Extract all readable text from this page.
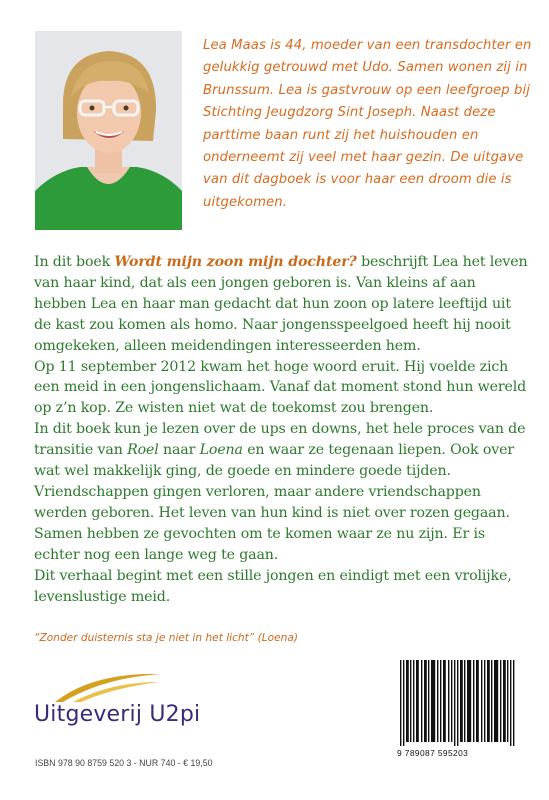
Lea Maas is 44, moeder van een transdochter en gelukkig getrouwd met Udo. Samen wonen zij in Brunssum. Lea is gastvrouw op een leefgroep bij Stichting Jeugdzorg Sint Joseph. Naast deze parttime baan runt zij het huishouden en onderneemt zij veel met haar gezin. De uitgave van dit dagboek is voor haar een droom die is uitgekomen.

In dit boek Wordt mijn zoon mijn dochter? beschrijft Lea het leven van haar kind, dat als een jongen geboren is. Van kleins af aan hebben Lea en haar man gedacht dat hun zoon op latere leeftijd uit de kast zou komen als homo. Naar jongensspeelgoed heeft hij nooit omgekeken, alleen meidendingen interesseerden hem.

Op 11 september 2012 kwam het hoge woord eruit. Hij voelde zich een meid in een jongenslichaam. Vanaf dat moment stond hun wereld op z’n kop. Ze wisten niet wat de toekomst zou brengen.

In dit boek kun je lezen over de ups en downs, het hele proces van de transitie van Roel naar Loena en waar ze tegenaan liepen. Ook over wat wel makkelijk ging, de goede en mindere goede tijden. Vriendschappen gingen verloren, maar andere vriendschappen werden geboren. Het leven van hun kind is niet over rozen gegaan. Samen hebben ze gevochten om te komen waar ze nu zijn. Er is echter nog een lange weg te gaan.

Dit verhaal begint met een stille jongen en eindigt met een vrolijke, levenslustige meid.

“Zonder duisternis sta je niet in het licht” (Loena)

Uitgeverij U2pi
ISBN 978 90 8759 520 3 - NUR 740 - € 19,50
9 789087 595203
